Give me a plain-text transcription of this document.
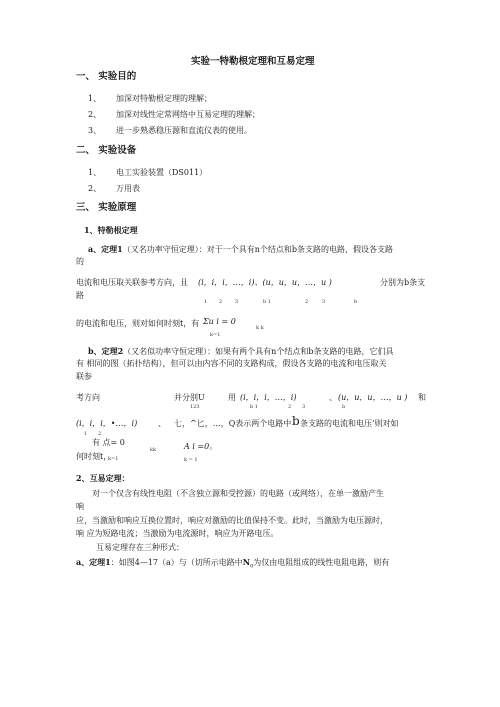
实验一特勒根定理和互易定理
一、 实验目的
1、 加深对特勒根定理的理解；
2、 加深对线性定常网络中互易定理的理解；
3、 进一步熟悉稳压源和直流仪表的使用。
二、 实验设备
1、 电工实验装置（DS011）
2、 万用表
三、 实验原理
1、特勒根定理
a、定理1（又名功率守恒定理）：对于一个具有n个结点和b条支路的电路，假设各支路
的
电流和电压取关联参考方向，且 (i，i，i，…，i)、(u，u，u，…，u )	分别为b条支
路
1 2	3	b 1	2	3	b
的电流和电压，则对如何时刻t，有 Σu i = 0
k k
k=1
b、定理2（又名似功率守恒定理）：如果有两个具有n个结点和b条支路的电路，它们具
有 相同的图（拓扑结构），但可以由内容不同的支路构成，假设各支路的电流和电压取关
联参
考方向	并分别U	用 (i，i，i，…，i)	、 (u，u，u，…，u ) 和
123	b 1	2 3	b
(i，i，i，•…，i)	、 七，^匕，…，Q表示两个电路中 b 条支路的电流和电压’则对如
1 2
有 点= 0
kk
何时刻t，
k=1
A i =0。
k = 1
2、互易定理：
对一个仅含有线性电阻（不含独立源和受控源）的电路（或网络），在单一激励产生
响
应，当激励和响应互换位置时，响应对激励的比值保持不变。此时，当激励为电压源时，
响 应为短路电流；当激励为电流源时，响应为开路电压。
互易定理存在三种形式：
a、定理1：如图4—17（a）与（切所示电路中$N_0$为仅由电阻组成的线性电阻电路，则有
